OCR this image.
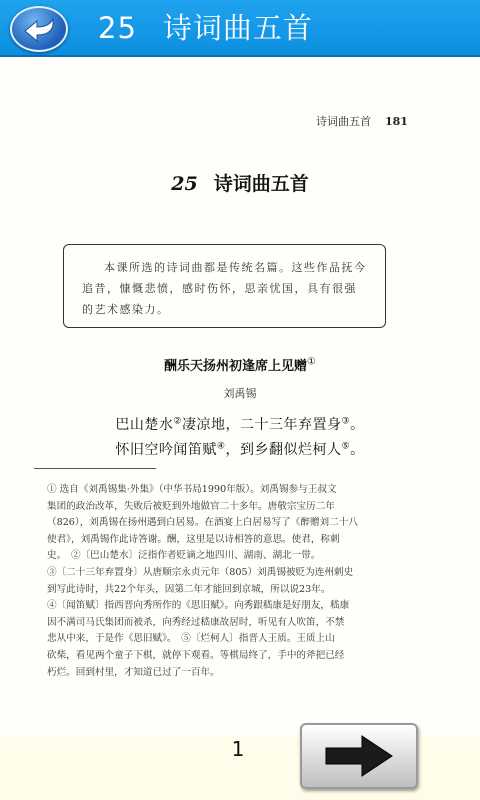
25 诗词曲五首
诗词曲五首 181
25 诗词曲五首
本课所选的诗词曲都是传统名篇。这些作品抚今追昔，慷慨悲愤，感时伤怀，思亲忧国，具有很强的艺术感染力。
酬乐天扬州初逢席上见赠①
刘禹锡
巴山楚水②凄凉地，二十三年弃置身③。
怀旧空吟闻笛赋④，到乡翻似烂柯人⑤。
① 选自《刘禹锡集·外集》（中华书局1990年版）。刘禹锡参与王叔文
集团的政治改革，失败后被贬到外地做官二十多年。唐敬宗宝历二年
（826），刘禹锡在扬州遇到白居易。在酒宴上白居易写了《醉赠刘二十八
使君》，刘禹锡作此诗答谢。酬，这里是以诗相答的意思。使君，称刺
史。　②〔巴山楚水〕泛指作者贬谪之地四川、湖南、湖北一带。
③〔二十三年弃置身〕从唐顺宗永贞元年（805）刘禹锡被贬为连州刺史
到写此诗时，共22个年头，因第二年才能回到京城，所以说23年。
④〔闻笛赋〕指西晋向秀所作的《思旧赋》。向秀跟嵇康是好朋友，嵇康
因不满司马氏集团而被杀，向秀经过嵇康故居时，听见有人吹笛，不禁
悲从中来，于是作《思旧赋》。　⑤〔烂柯人〕指晋人王质。王质上山
砍柴，看见两个童子下棋，就停下观看。等棋局终了，手中的斧把已经
朽烂。回到村里，才知道已过了一百年。
1
